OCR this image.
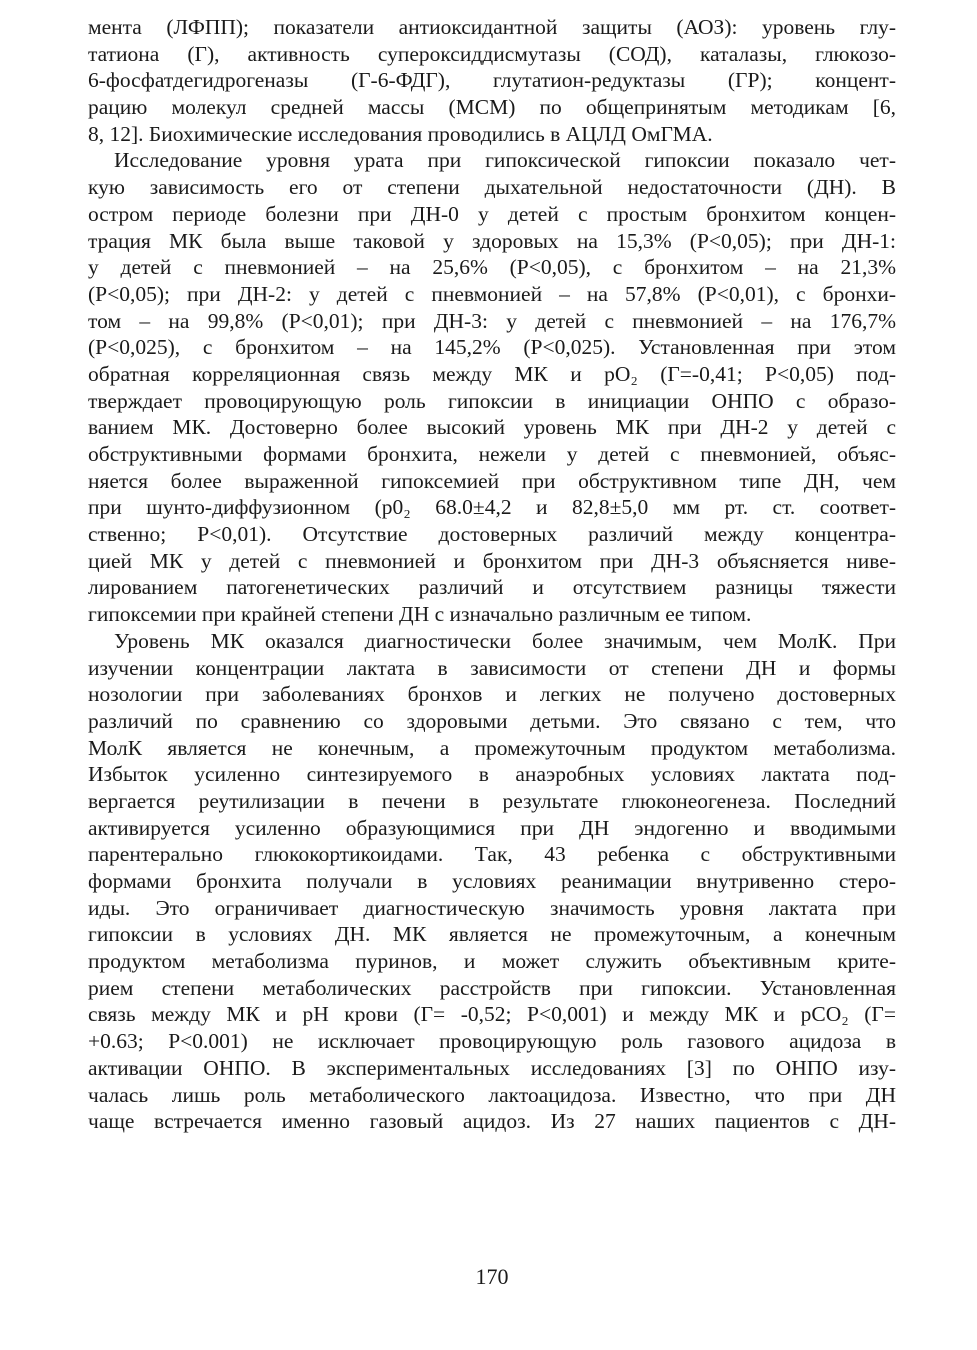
мента (ЛФПП); показатели антиоксидантной защиты (АОЗ): уровень глу-
татиона (Г), активность супероксиддисмутазы (СОД), каталазы, глюкозо-
6-фосфатдегидрогеназы (Г-6-ФДГ), глутатион-редуктазы (ГР); концент-
рацию молекул средней массы (МСМ) по общепринятым методикам [6,
8, 12]. Биохимические исследования проводились в АЦЛД ОмГМА.
Исследование уровня урата при гипоксической гипоксии показало чет-
кую зависимость его от степени дыхательной недостаточности (ДН). В
остром периоде болезни при ДН-0 у детей с простым бронхитом концен-
трация МК была выше таковой у здоровых на 15,3% (Р<0,05); при ДН-1:
у детей с пневмонией – на 25,6% (Р<0,05), с бронхитом – на 21,3%
(Р<0,05); при ДН-2: у детей с пневмонией – на 57,8% (Р<0,01), с бронхи-
том – на 99,8% (Р<0,01); при ДН-3: у детей с пневмонией – на 176,7%
(Р<0,025), с бронхитом – на 145,2% (Р<0,025). Установленная при этом
обратная корреляционная связь между МК и pO₂ (Г=-0,41; Р<0,05) под-
тверждает провоцирующую роль гипоксии в инициации ОНПО с образо-
ванием МК. Достоверно более высокий уровень МК при ДН-2 у детей с
обструктивными формами бронхита, нежели у детей с пневмонией, объяс-
няется более выраженной гипоксемией при обструктивном типе ДН, чем
при шунто-диффузионном (р0₂ 68.0±4,2 и 82,8±5,0 мм рт. ст. соответ-
ственно; Р<0,01). Отсутствие достоверных различий между концентра-
цией МК у детей с пневмонией и бронхитом при ДН-3 объясняется ниве-
лированием патогенетических различий и отсутствием разницы тяжести
гипоксемии при крайней степени ДН с изначально различным ее типом.
Уровень МК оказался диагностически более значимым, чем МолК. При
изучении концентрации лактата в зависимости от степени ДН и формы
нозологии при заболеваниях бронхов и легких не получено достоверных
различий по сравнению со здоровыми детьми. Это связано с тем, что
МолК является не конечным, а промежуточным продуктом метаболизма.
Избыток усиленно синтезируемого в анаэробных условиях лактата под-
вергается реутилизации в печени в результате глюконеогенеза. Последний
активируется усиленно образующимися при ДН эндогенно и вводимыми
парентерально глюкокортикоидами. Так, 43 ребенка с обструктивными
формами бронхита получали в условиях реанимации внутривенно стеро-
иды. Это ограничивает диагностическую значимость уровня лактата при
гипоксии в условиях ДН. МК является не промежуточным, а конечным
продуктом метаболизма пуринов, и может служить объективным крите-
рием степени метаболических расстройств при гипоксии. Установленная
связь между МК и pH крови (Г= -0,52; Р<0,001) и между МК и pCO₂ (Г=
+0.63; Р<0.001) не исключает провоцирующую роль газового ацидоза в
активации ОНПО. В экспериментальных исследованиях [3] по ОНПО изу-
чалась лишь роль метаболического лактоацидоза. Известно, что при ДН
чаще встречается именно газовый ацидоз. Из 27 наших пациентов с ДН-
170
